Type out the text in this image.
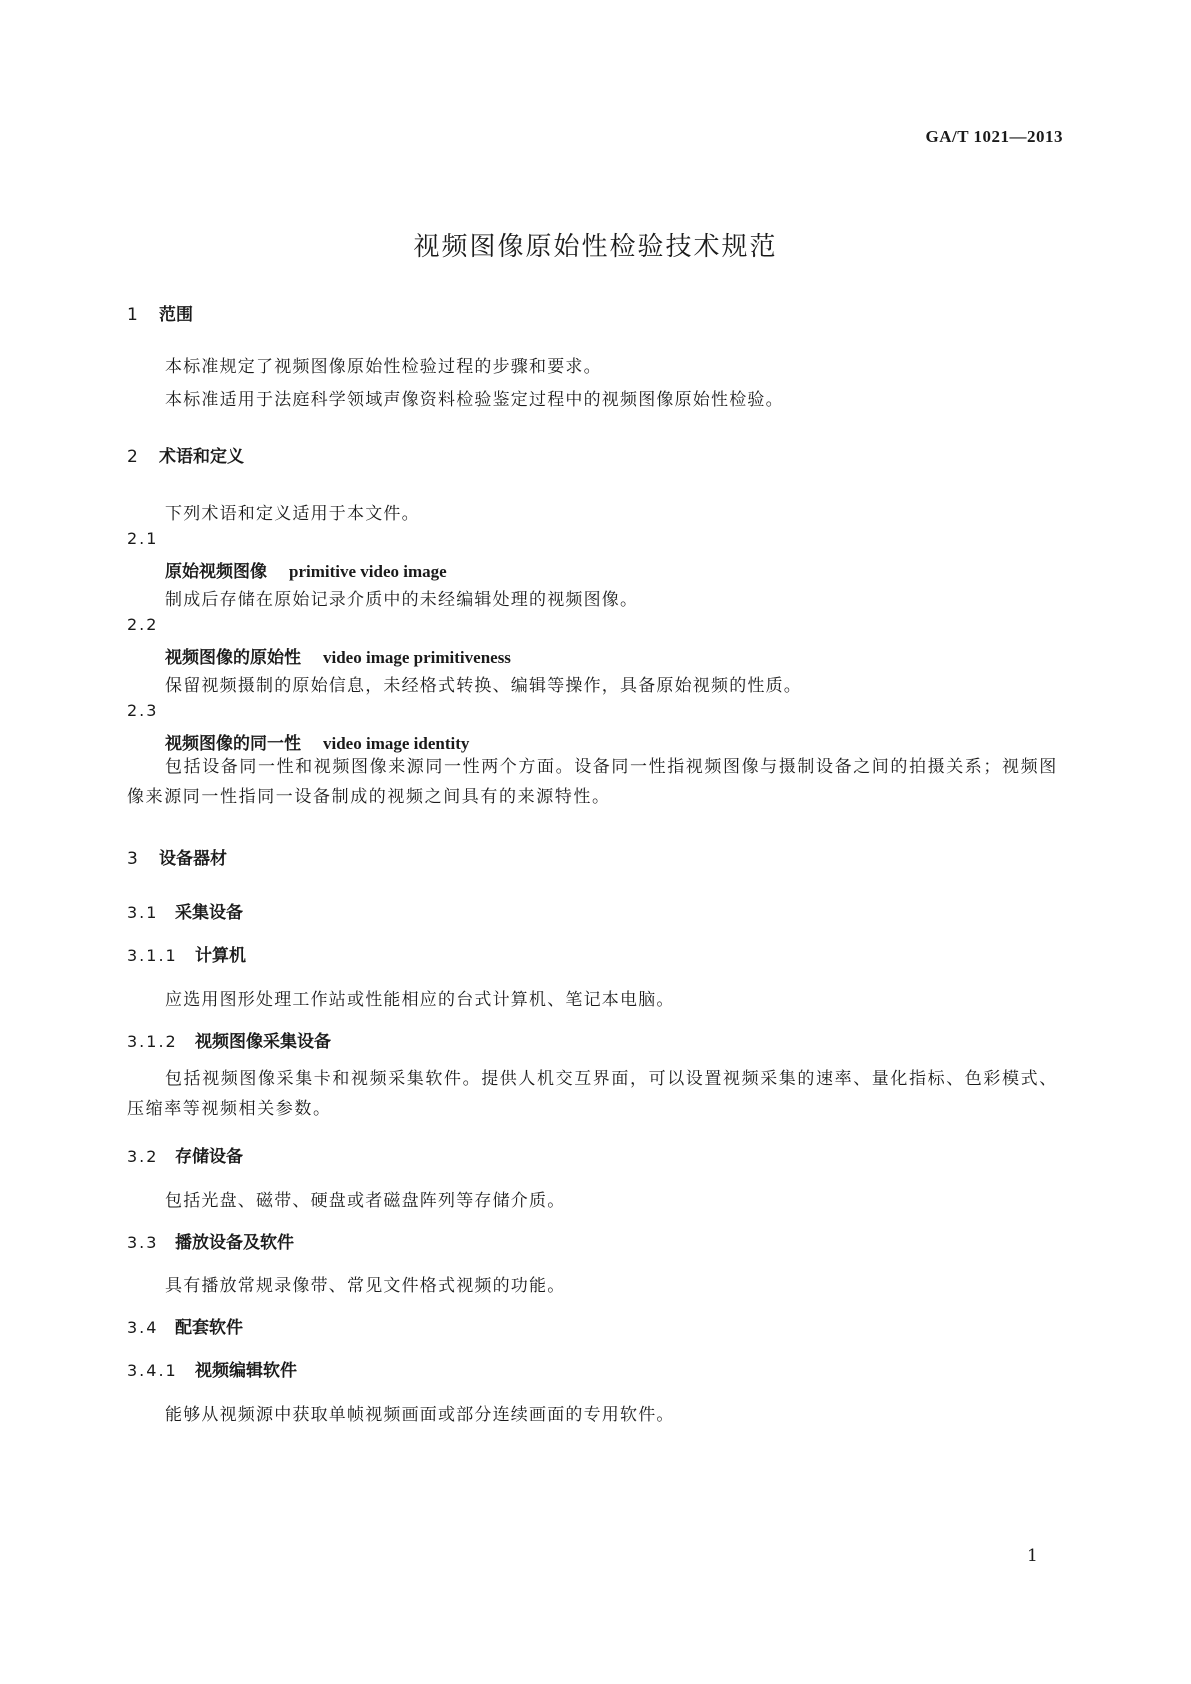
GA/T 1021—2013
视频图像原始性检验技术规范
1 范围
本标准规定了视频图像原始性检验过程的步骤和要求。
本标准适用于法庭科学领域声像资料检验鉴定过程中的视频图像原始性检验。
2 术语和定义
下列术语和定义适用于本文件。
2.1
原始视频图像 primitive video image
制成后存储在原始记录介质中的未经编辑处理的视频图像。
2.2
视频图像的原始性 video image primitiveness
保留视频摄制的原始信息，未经格式转换、编辑等操作，具备原始视频的性质。
2.3
视频图像的同一性 video image identity
包括设备同一性和视频图像来源同一性两个方面。设备同一性指视频图像与摄制设备之间的拍摄关系；视频图像来源同一性指同一设备制成的视频之间具有的来源特性。
3 设备器材
3.1 采集设备
3.1.1 计算机
应选用图形处理工作站或性能相应的台式计算机、笔记本电脑。
3.1.2 视频图像采集设备
包括视频图像采集卡和视频采集软件。提供人机交互界面，可以设置视频采集的速率、量化指标、色彩模式、压缩率等视频相关参数。
3.2 存储设备
包括光盘、磁带、硬盘或者磁盘阵列等存储介质。
3.3 播放设备及软件
具有播放常规录像带、常见文件格式视频的功能。
3.4 配套软件
3.4.1 视频编辑软件
能够从视频源中获取单帧视频画面或部分连续画面的专用软件。
1
